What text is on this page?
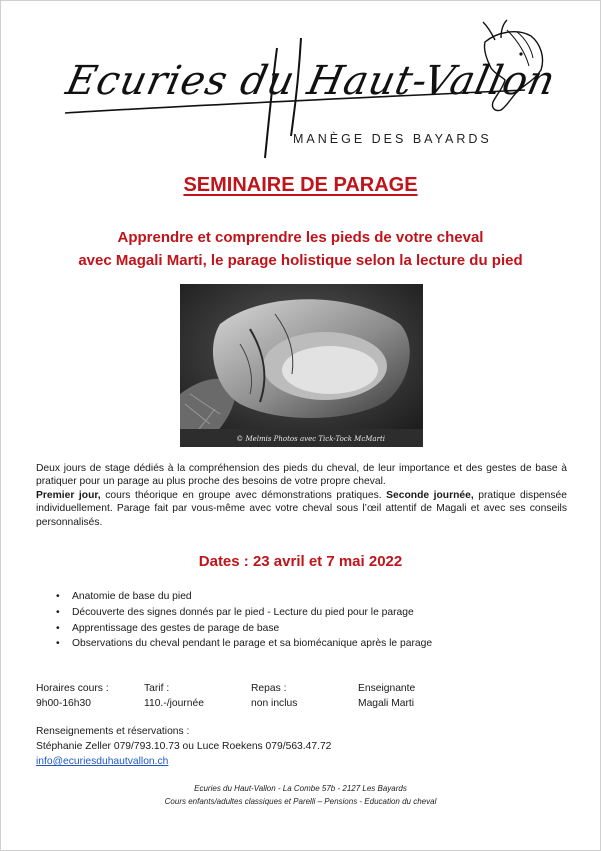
Ecuries du Haut-Vallon
MANÈGE DES BAYARDS
SEMINAIRE DE PARAGE
Apprendre et comprendre les pieds de votre cheval
avec Magali Marti, le parage holistique selon la lecture du pied
© Melmis Photos avec Tick-Tock McMarti

Deux jours de stage dédiés à la compréhension des pieds du cheval, de leur importance et des gestes de base à pratiquer pour un parage au plus proche des besoins de votre propre cheval.

Premier jour, cours théorique en groupe avec démonstrations pratiques. Seconde journée, pratique dispensée individuellement. Parage fait par vous-même avec votre cheval sous l’œil attentif de Magali et avec ses conseils personnalisés.

Dates : 23 avril et 7 mai 2022
• Anatomie de base du pied
• Découverte des signes donnés par le pied - Lecture du pied pour le parage
• Apprentissage des gestes de parage de base
• Observations du cheval pendant le parage et sa biomécanique après le parage
Horaires cours :
9h00-16h30
Tarif :
110.-/journée
Repas :
non inclus
Enseignante
Magali Marti
Renseignements et réservations :
Stéphanie Zeller 079/793.10.73 ou Luce Roekens 079/563.47.72
info@ecuriesduhautvallon.ch
Ecuries du Haut-Vallon - La Combe 57b - 2127 Les Bayards
Cours enfants/adultes classiques et Parelli – Pensions - Education du cheval
